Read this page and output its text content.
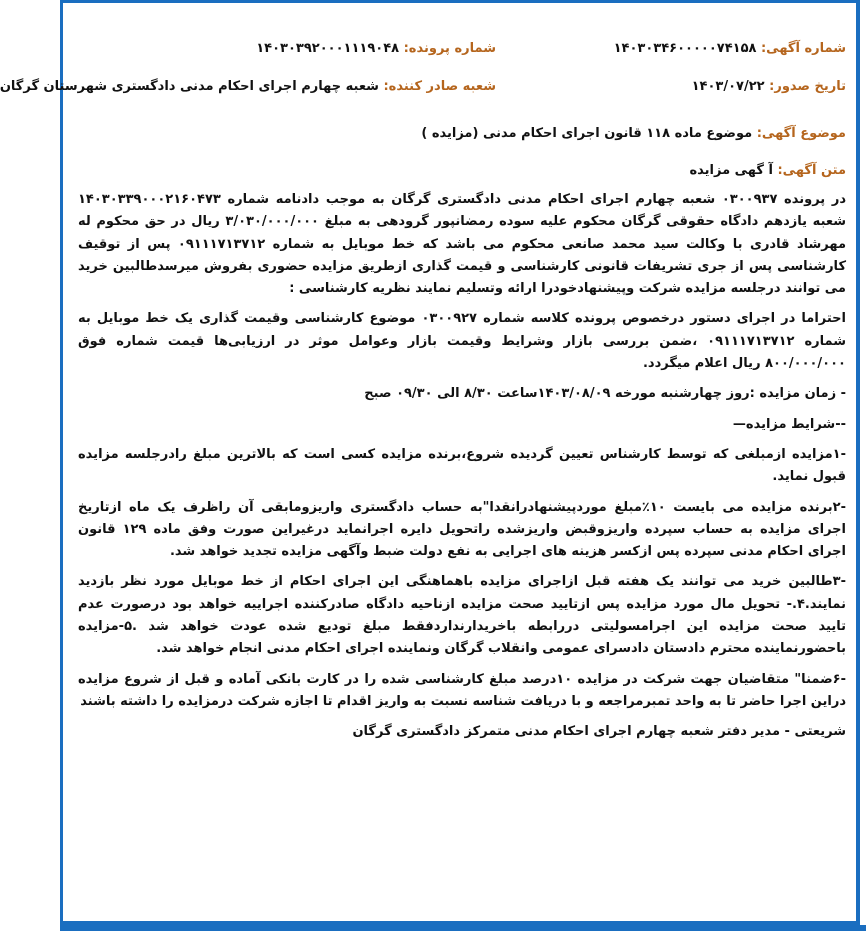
شماره آگهی: ۱۴۰۳۰۳۴۶۰۰۰۰۰۷۴۱۵۸
شماره پرونده: ۱۴۰۳۰۳۹۲۰۰۰۱۱۱۹۰۴۸
تاریخ صدور: ۱۴۰۳/۰۷/۲۲
شعبه صادر کننده: شعبه چهارم اجرای احکام مدنی دادگستری شهرستان گرگان
موضوع آگهی: موضوع ماده ۱۱۸ قانون اجرای احکام مدنی (مزایده )
متن آگهی: آ گهی مزایده

در پرونده ۰۳۰۰۹۳۷ شعبه چهارم اجرای احکام مدنی دادگستری گرگان به موجب دادنامه شماره ۱۴۰۳۰۳۳۹۰۰۰۲۱۶۰۴۷۳ شعبه یازدهم دادگاه حقوقی گرگان محکوم علیه سوده رمضانپور گرودهی به مبلغ ۳/۰۳۰/۰۰۰/۰۰۰ ریال در حق محکوم له مهرشاد قادری با وکالت سید محمد صانعی محکوم می باشد که خط موبایل به شماره ۰۹۱۱۱۷۱۳۷۱۲ پس از توقیف کارشناسی پس از جری تشریفات قانونی کارشناسی و قیمت گذاری ازطریق مزایده حضوری بفروش میرسدطالبین خرید می توانند درجلسه مزایده شرکت وپیشنهادخودرا ارائه وتسلیم نمایند نظریه کارشناسی :

احتراما در اجرای دستور درخصوص پرونده کلاسه شماره ۰۳۰۰۹۲۷ موضوع کارشناسی وقیمت گذاری یک خط موبایل به شماره ۰۹۱۱۱۷۱۳۷۱۲ ،ضمن بررسی بازار وشرایط وقیمت بازار وعوامل موثر در ارزیابی‌ها قیمت شماره فوق ۸۰۰/۰۰۰/۰۰۰ ریال اعلام میگردد.

- زمان مزایده :روز چهارشنبه مورخه ۱۴۰۳/۰۸/۰۹ساعت ۸/۳۰ الی ۰۹/۳۰ صبح

--شرایط مزایده—

-۱مزایده ازمبلغی که توسط کارشناس تعیین گردیده شروع،برنده مزایده کسی است که بالاترین مبلغ رادرجلسه مزایده قبول نماید.

-۲برنده مزایده می بایست ۱۰٪مبلغ موردپیشنهادرانقدا"به حساب دادگستری واریزومابقی آن راظرف یک ماه ازتاریخ اجرای مزایده به حساب سپرده واریزوقبض واریزشده راتحویل دایره اجرانماید درغیراین صورت وفق ماده ۱۲۹ قانون اجرای احکام مدنی سپرده پس ازکسر هزینه های اجرایی به نفع دولت ضبط وآگهی مزایده تجدید خواهد شد.

-۳طالبین خرید می توانند یک هفته قبل ازاجرای مزایده باهماهنگی این اجرای احکام از خط موبایل مورد نظر بازدید نمایند.۴.- تحویل مال مورد مزایده پس ازتایید صحت مزایده ازناحیه دادگاه صادرکننده اجراییه خواهد بود درصورت عدم تایید صحت مزایده این اجرامسولیتی دررابطه باخریدارنداردفقط مبلغ تودیع شده عودت خواهد شد .۵-مزایده باحضورنماینده محترم دادستان دادسرای عمومی وانقلاب گرگان ونماینده اجرای احکام مدنی انجام خواهد شد.

-۶ضمنا" متقاضیان جهت شرکت در مزایده ۱۰درصد مبلغ کارشناسی شده را در کارت بانکی آماده و قبل از شروع مزایده دراین اجرا حاضر تا به واحد تمبرمراجعه و با دریافت شناسه نسبت به واریز اقدام تا اجازه شرکت درمزایده را داشته باشند

شریعتی - مدیر دفتر شعبه چهارم اجرای احکام مدنی متمرکز دادگستری گرگان
